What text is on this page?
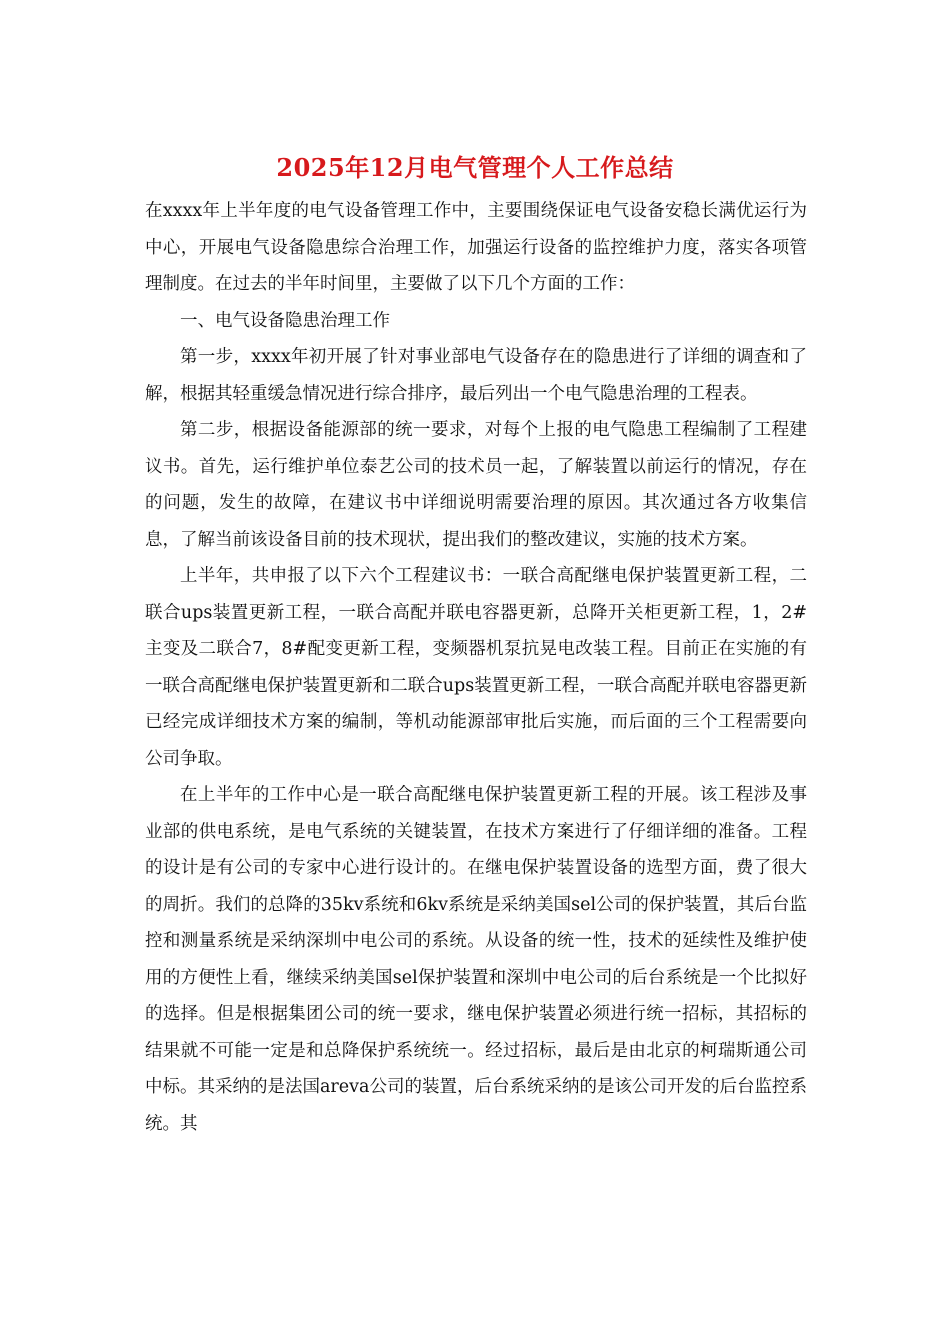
2025年12月电气管理个人工作总结

在xxxx年上半年度的电气设备管理工作中，主要围绕保证电气设备安稳长满优运行为中心，开展电气设备隐患综合治理工作，加强运行设备的监控维护力度，落实各项管理制度。在过去的半年时间里，主要做了以下几个方面的工作：

一、电气设备隐患治理工作

第一步，xxxx年初开展了针对事业部电气设备存在的隐患进行了详细的调查和了解，根据其轻重缓急情况进行综合排序，最后列出一个电气隐患治理的工程表。

第二步，根据设备能源部的统一要求，对每个上报的电气隐患工程编制了工程建议书。首先，运行维护单位泰艺公司的技术员一起，了解装置以前运行的情况，存在的问题，发生的故障，在建议书中详细说明需要治理的原因。其次通过各方收集信息，了解当前该设备目前的技术现状，提出我们的整改建议，实施的技术方案。

上半年，共申报了以下六个工程建议书：一联合高配继电保护装置更新工程，二联合ups装置更新工程，一联合高配并联电容器更新，总降开关柜更新工程，1，2#主变及二联合7，8#配变更新工程，变频器机泵抗晃电改装工程。目前正在实施的有一联合高配继电保护装置更新和二联合ups装置更新工程，一联合高配并联电容器更新已经完成详细技术方案的编制，等机动能源部审批后实施，而后面的三个工程需要向公司争取。

在上半年的工作中心是一联合高配继电保护装置更新工程的开展。该工程涉及事业部的供电系统，是电气系统的关键装置，在技术方案进行了仔细详细的准备。工程的设计是有公司的专家中心进行设计的。在继电保护装置设备的选型方面，费了很大的周折。我们的总降的35kv系统和6kv系统是采纳美国sel公司的保护装置，其后台监控和测量系统是采纳深圳中电公司的系统。从设备的统一性，技术的延续性及维护使用的方便性上看，继续采纳美国sel保护装置和深圳中电公司的后台系统是一个比拟好的选择。但是根据集团公司的统一要求，继电保护装置必须进行统一招标，其招标的结果就不可能一定是和总降保护系统统一。经过招标，最后是由北京的柯瑞斯通公司中标。其采纳的是法国areva公司的装置，后台系统采纳的是该公司开发的后台监控系统。其
